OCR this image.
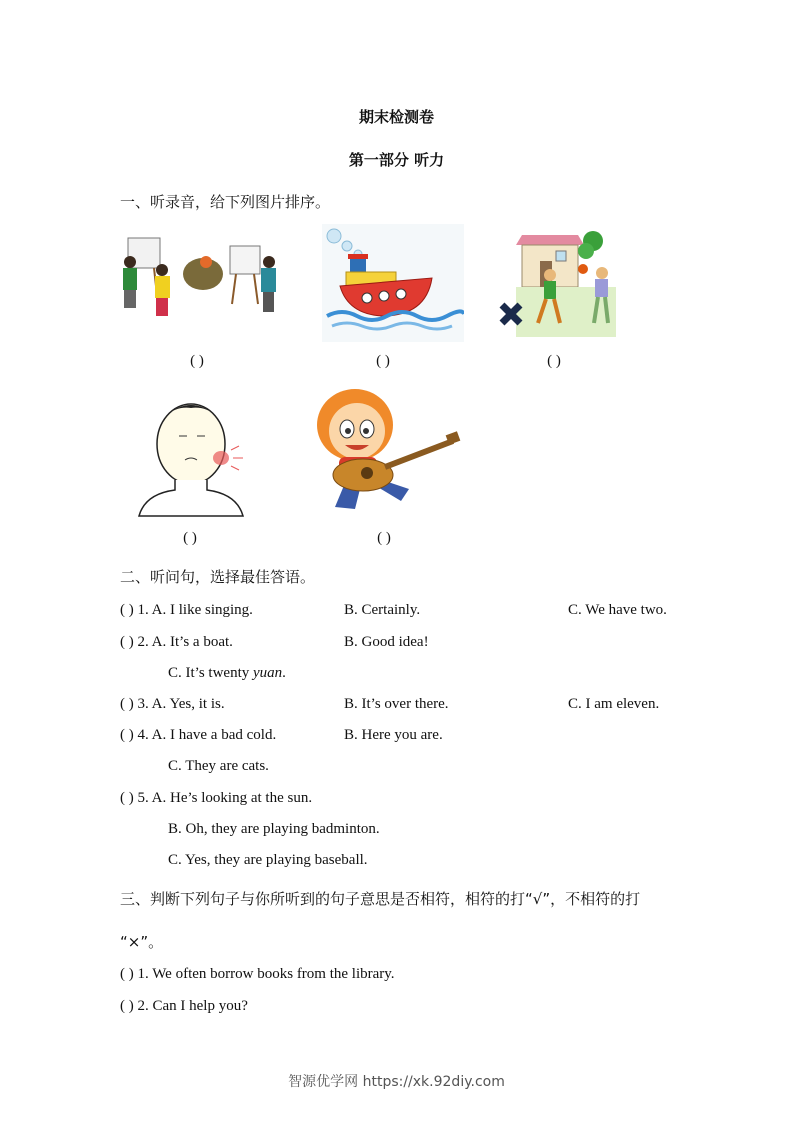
期末检测卷
第一部分 听力
一、听录音，给下列图片排序。
( )	( )	( )
( )	( )
二、听问句，选择最佳答语。
( ) 1. A. I like singing.	B. Certainly.	C. We have two.
( ) 2. A. It’s a boat.	B. Good idea!
C. It’s twenty yuan.
( ) 3. A. Yes, it is.	B. It’s over there.	C. I am eleven.
( ) 4. A. I have a bad cold.	B. Here you are.
C. They are cats.
( ) 5. A. He’s looking at the sun.
B. Oh, they are playing badminton.
C. Yes, they are playing baseball.
三、判断下列句子与你所听到的句子意思是否相符，相符的打“√”，不相符的打
“×”。
( ) 1. We often borrow books from the library.
( ) 2. Can I help you?
智源优学网 https://xk.92diy.com
